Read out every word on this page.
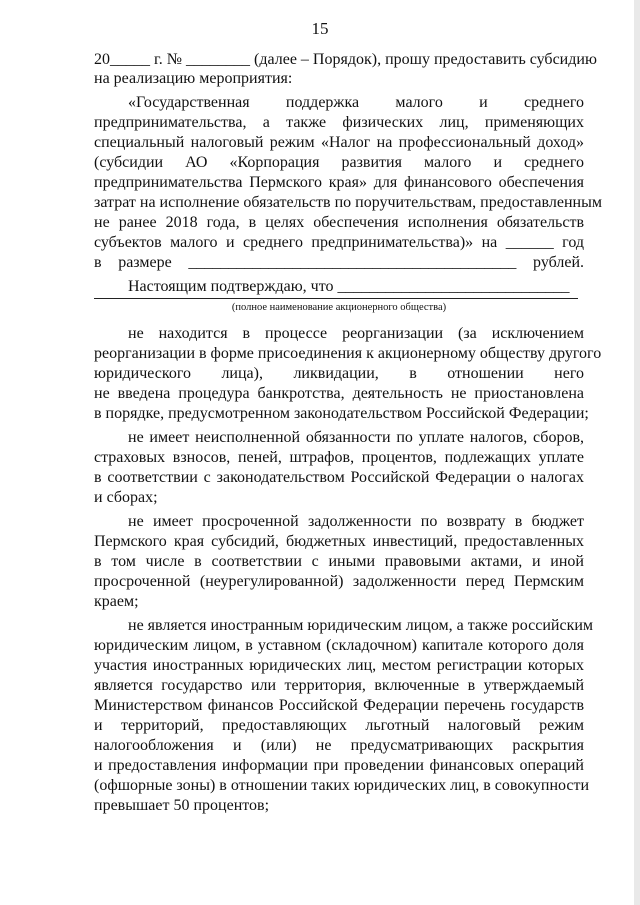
15
20_____ г. № ________ (далее – Порядок), прошу предоставить субсидию
на реализацию мероприятия:
«Государственная поддержка малого и среднего
предпринимательства, а также физических лиц, применяющих
специальный налоговый режим «Налог на профессиональный доход»
(субсидии АО «Корпорация развития малого и среднего
предпринимательства Пермского края» для финансового обеспечения
затрат на исполнение обязательств по поручительствам, предоставленным
не ранее 2018 года, в целях обеспечения исполнения обязательств
субъектов малого и среднего предпринимательства)» на ______ год
в размере _________________________________________ рублей.
Настоящим подтверждаю, что _____________________________
не находится в процессе реорганизации (за исключением
реорганизации в форме присоединения к акционерному обществу другого
юридического лица), ликвидации, в отношении него
не введена процедура банкротства, деятельность не приостановлена
в порядке, предусмотренном законодательством Российской Федерации;
не имеет неисполненной обязанности по уплате налогов, сборов,
страховых взносов, пеней, штрафов, процентов, подлежащих уплате
в соответствии с законодательством Российской Федерации о налогах
и сборах;
не имеет просроченной задолженности по возврату в бюджет
Пермского края субсидий, бюджетных инвестиций, предоставленных
в том числе в соответствии с иными правовыми актами, и иной
просроченной (неурегулированной) задолженности перед Пермским
краем;
не является иностранным юридическим лицом, а также российским
юридическим лицом, в уставном (складочном) капитале которого доля
участия иностранных юридических лиц, местом регистрации которых
является государство или территория, включенные в утверждаемый
Министерством финансов Российской Федерации перечень государств
и территорий, предоставляющих льготный налоговый режим
налогообложения и (или) не предусматривающих раскрытия
и предоставления информации при проведении финансовых операций
(офшорные зоны) в отношении таких юридических лиц, в совокупности
превышает 50 процентов;
(полное наименование акционерного общества)
